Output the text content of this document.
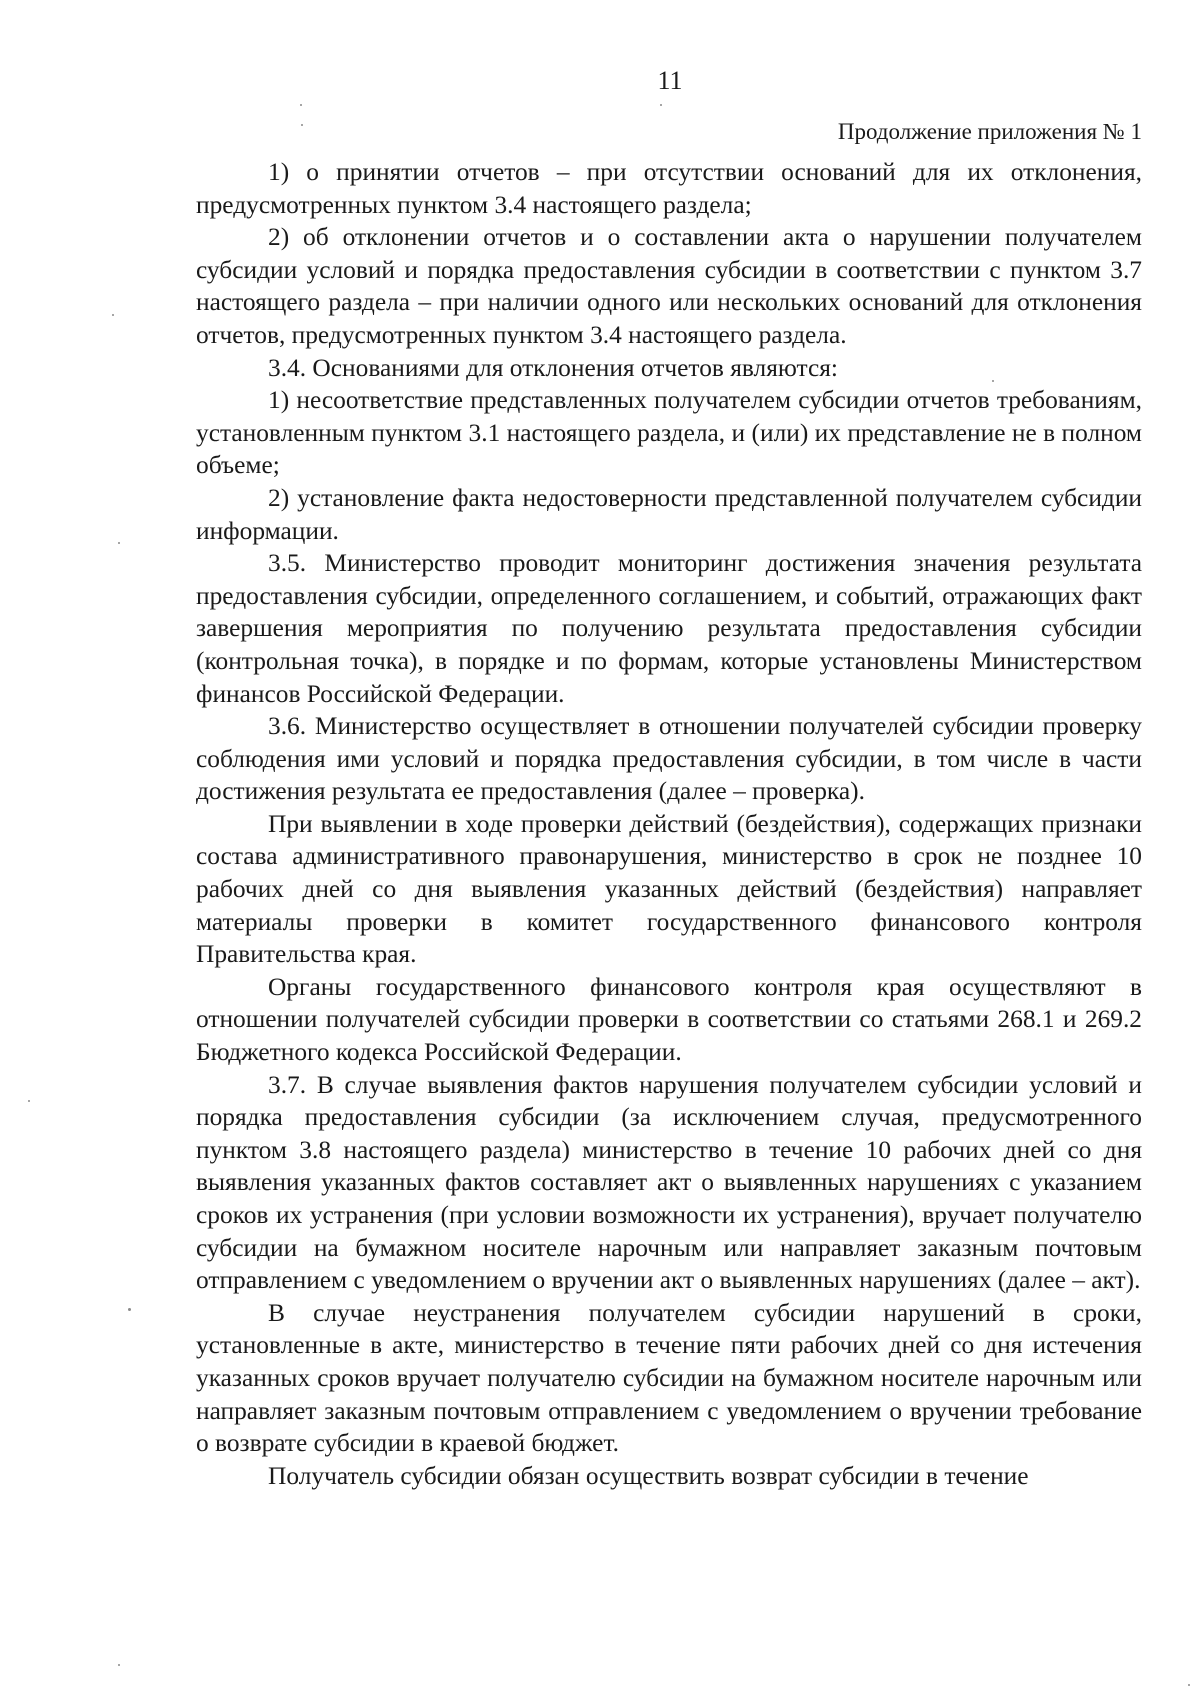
11
Продолжение приложения № 1

1) о принятии отчетов – при отсутствии оснований для их отклонения, предусмотренных пунктом 3.4 настоящего раздела;

2) об отклонении отчетов и о составлении акта о нарушении получателем субсидии условий и порядка предоставления субсидии в соответствии с пунктом 3.7 настоящего раздела – при наличии одного или нескольких оснований для отклонения отчетов, предусмотренных пунктом 3.4 настоящего раздела.

3.4. Основаниями для отклонения отчетов являются:

1) несоответствие представленных получателем субсидии отчетов требованиям, установленным пунктом 3.1 настоящего раздела, и (или) их представление не в полном объеме;

2) установление факта недостоверности представленной получателем субсидии информации.

3.5. Министерство проводит мониторинг достижения значения результата предоставления субсидии, определенного соглашением, и событий, отражающих факт завершения мероприятия по получению результата предоставления субсидии (контрольная точка), в порядке и по формам, которые установлены Министерством финансов Российской Федерации.

3.6. Министерство осуществляет в отношении получателей субсидии проверку соблюдения ими условий и порядка предоставления субсидии, в том числе в части достижения результата ее предоставления (далее – проверка).

При выявлении в ходе проверки действий (бездействия), содержащих признаки состава административного правонарушения, министерство в срок не позднее 10 рабочих дней со дня выявления указанных действий (бездействия) направляет материалы проверки в комитет государственного финансового контроля Правительства края.

Органы государственного финансового контроля края осуществляют в отношении получателей субсидии проверки в соответствии со статьями 268.1 и 269.2 Бюджетного кодекса Российской Федерации.

3.7. В случае выявления фактов нарушения получателем субсидии условий и порядка предоставления субсидии (за исключением случая, предусмотренного пунктом 3.8 настоящего раздела) министерство в течение 10 рабочих дней со дня выявления указанных фактов составляет акт о выявленных нарушениях с указанием сроков их устранения (при условии возможности их устранения), вручает получателю субсидии на бумажном носителе нарочным или направляет заказным почтовым отправлением с уведомлением о вручении акт о выявленных нарушениях (далее – акт).

В случае неустранения получателем субсидии нарушений в сроки, установленные в акте, министерство в течение пяти рабочих дней со дня истечения указанных сроков вручает получателю субсидии на бумажном носителе нарочным или направляет заказным почтовым отправлением с уведомлением о вручении требование о возврате субсидии в краевой бюджет.

Получатель субсидии обязан осуществить возврат субсидии в течение
